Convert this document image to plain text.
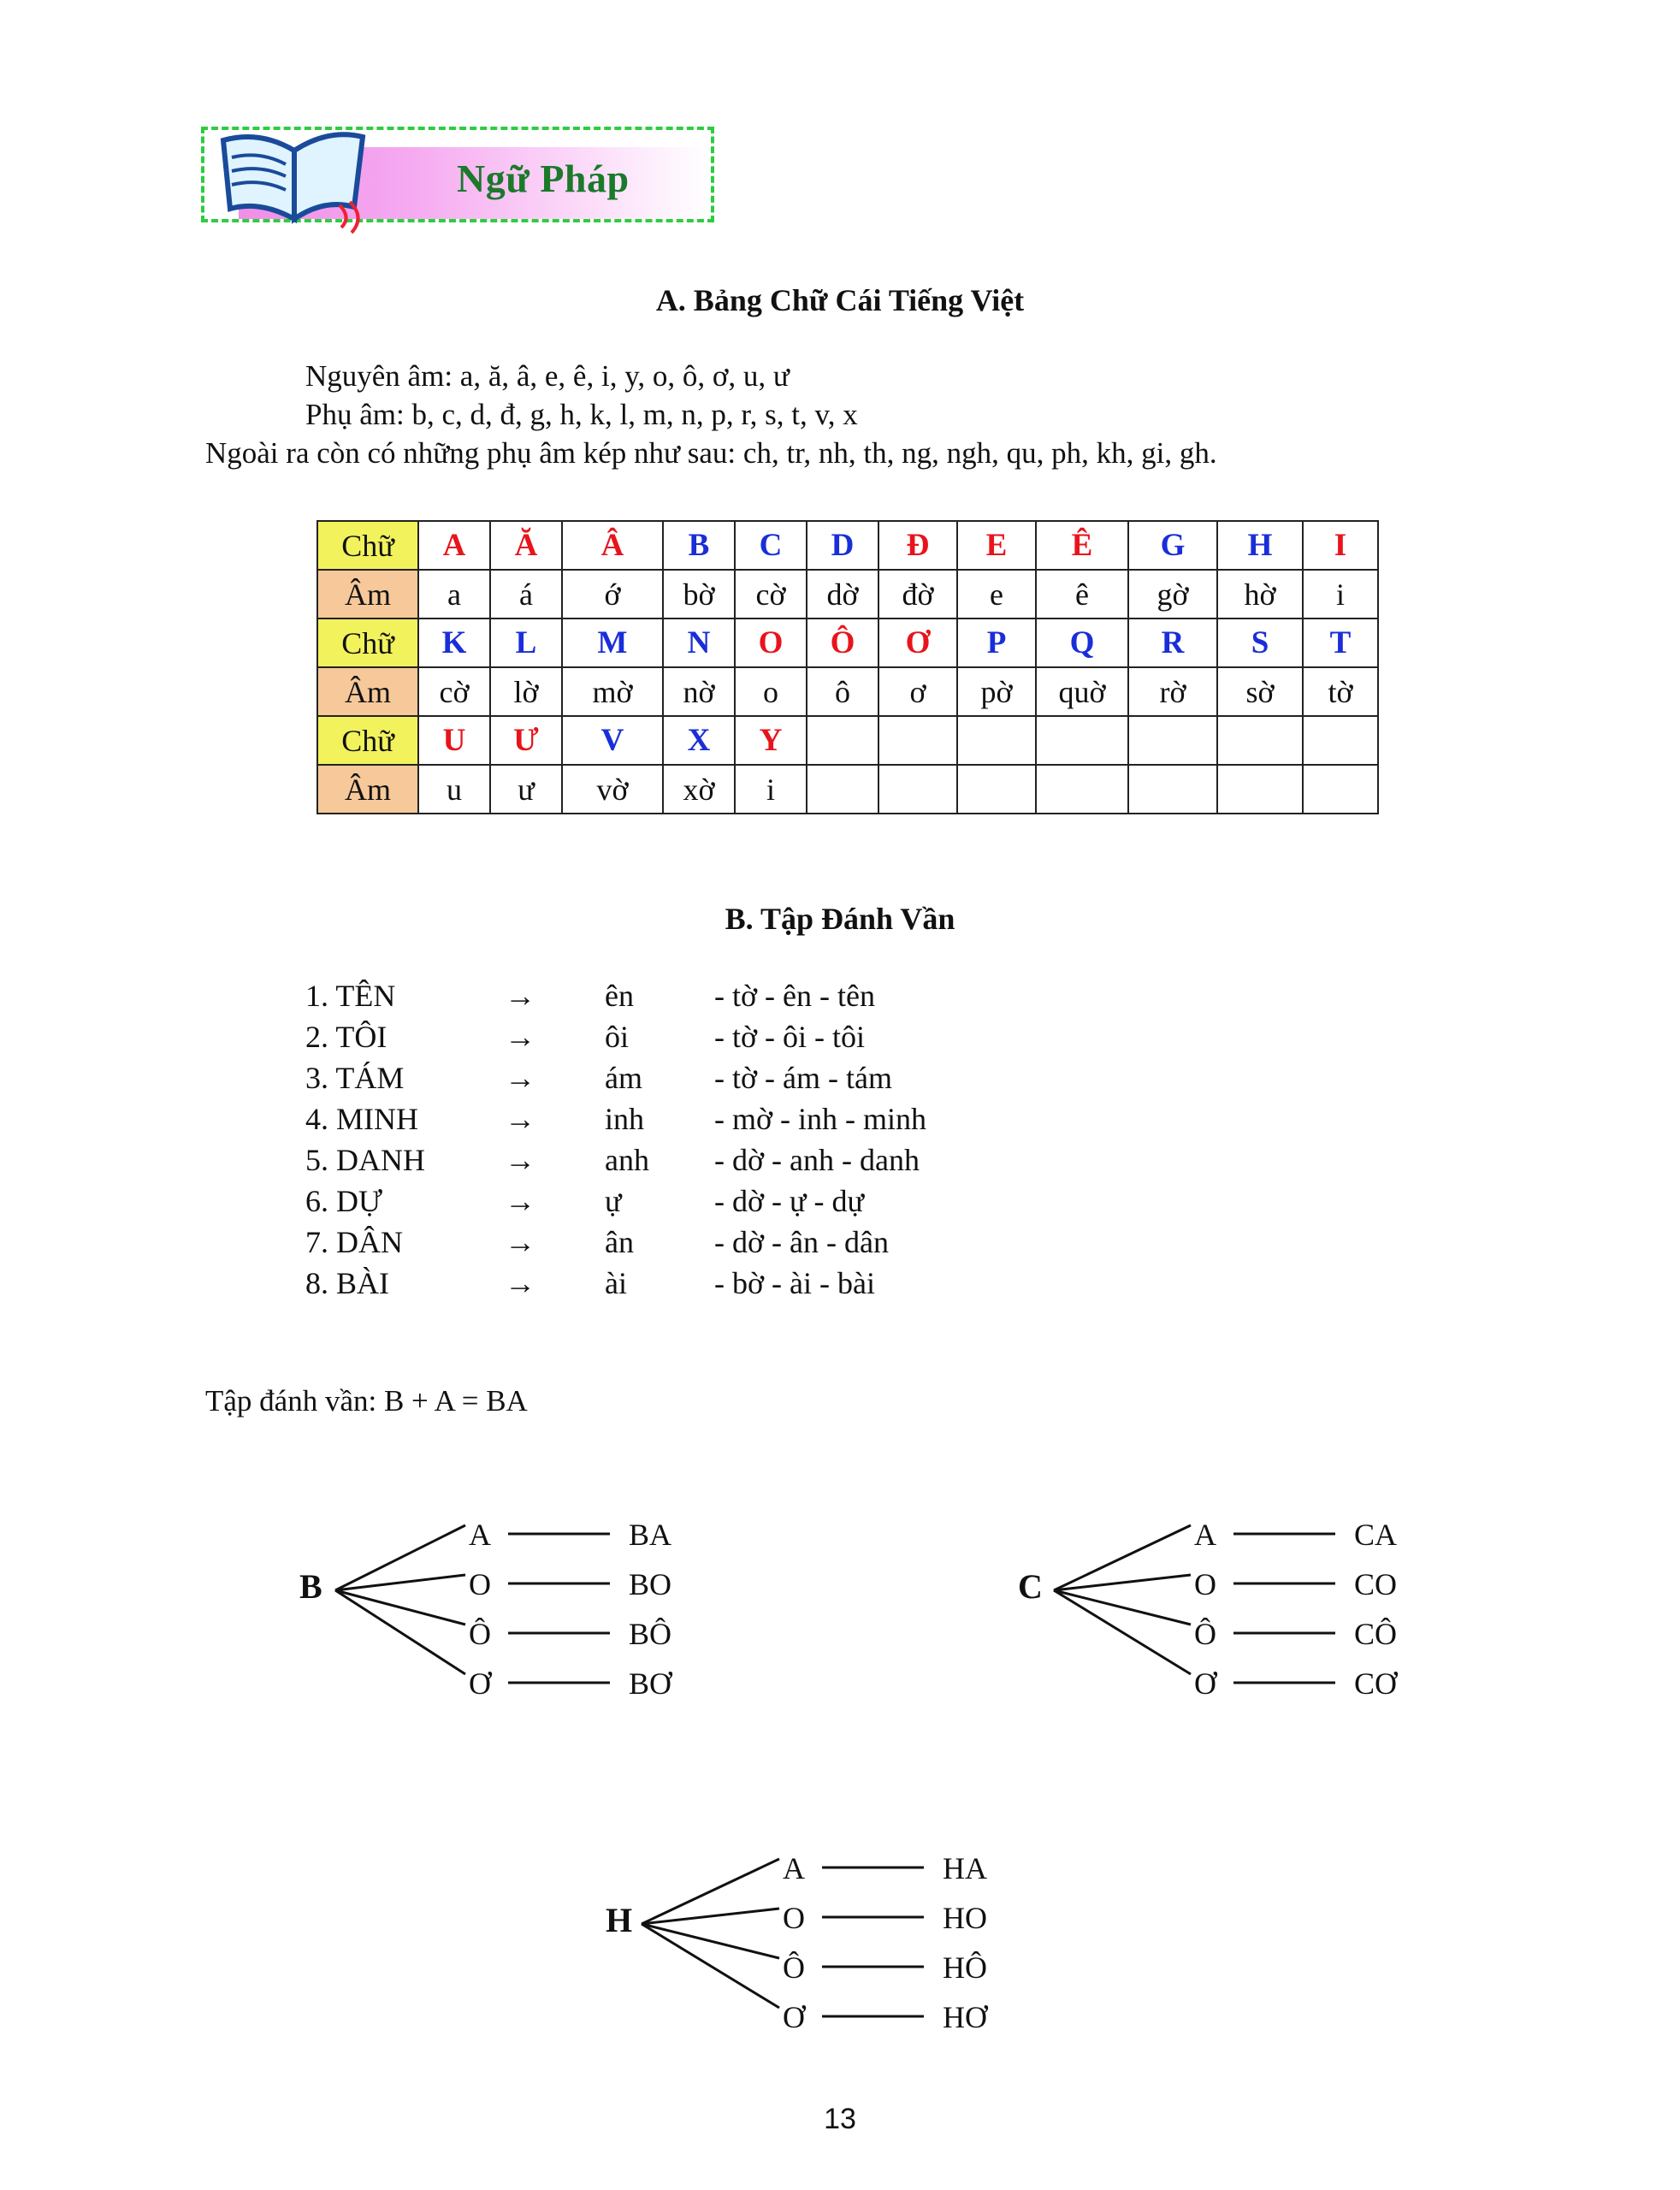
Ngữ Pháp
A. Bảng Chữ Cái Tiếng Việt
Nguyên âm: a, ă, â, e, ê, i, y, o, ô, ơ, u, ư
Phụ âm: b, c, d, đ, g, h, k, l, m, n, p, r, s, t, v, x
Ngoài ra còn có những phụ âm kép như sau: ch, tr, nh, th, ng, ngh, qu, ph, kh, gi, gh.
Chữ	A	Ă	Â	B	C	D	Đ	E	Ê	G	H	I
Âm	a	á	ớ	bờ	cờ	dờ	đờ	e	ê	gờ	hờ	i
Chữ	K	L	M	N	O	Ô	Ơ	P	Q	R	S	T
Âm	cờ	lờ	mờ	nờ	o	ô	ơ	pờ	quờ	rờ	sờ	tờ
Chữ	U	Ư	V	X	Y							
Âm	u	ư	vờ	xờ	i							
B. Tập Đánh Vần
1. TÊN	→ ên	- tờ - ên - tên
2. TÔI	→ ôi	- tờ - ôi - tôi
3. TÁM	→ ám - tờ - ám - tám
4. MINH	→ inh - mờ - inh - minh
5. DANH	→ anh - dờ - anh - danh
6. DỰ	→ ự	- dờ - ự - dự
7. DÂN	→ ân	- dờ - ân - dân
8. BÀI	→ ài	- bờ - ài - bài
Tập đánh vần: B + A = BA
B
A	BA
O	BO
Ô	BÔ
Ơ	BƠ
C
A	CA
O	CO
Ô	CÔ
Ơ	CƠ
H
A	HA
O	HO
Ô	HÔ
Ơ	HƠ
13
